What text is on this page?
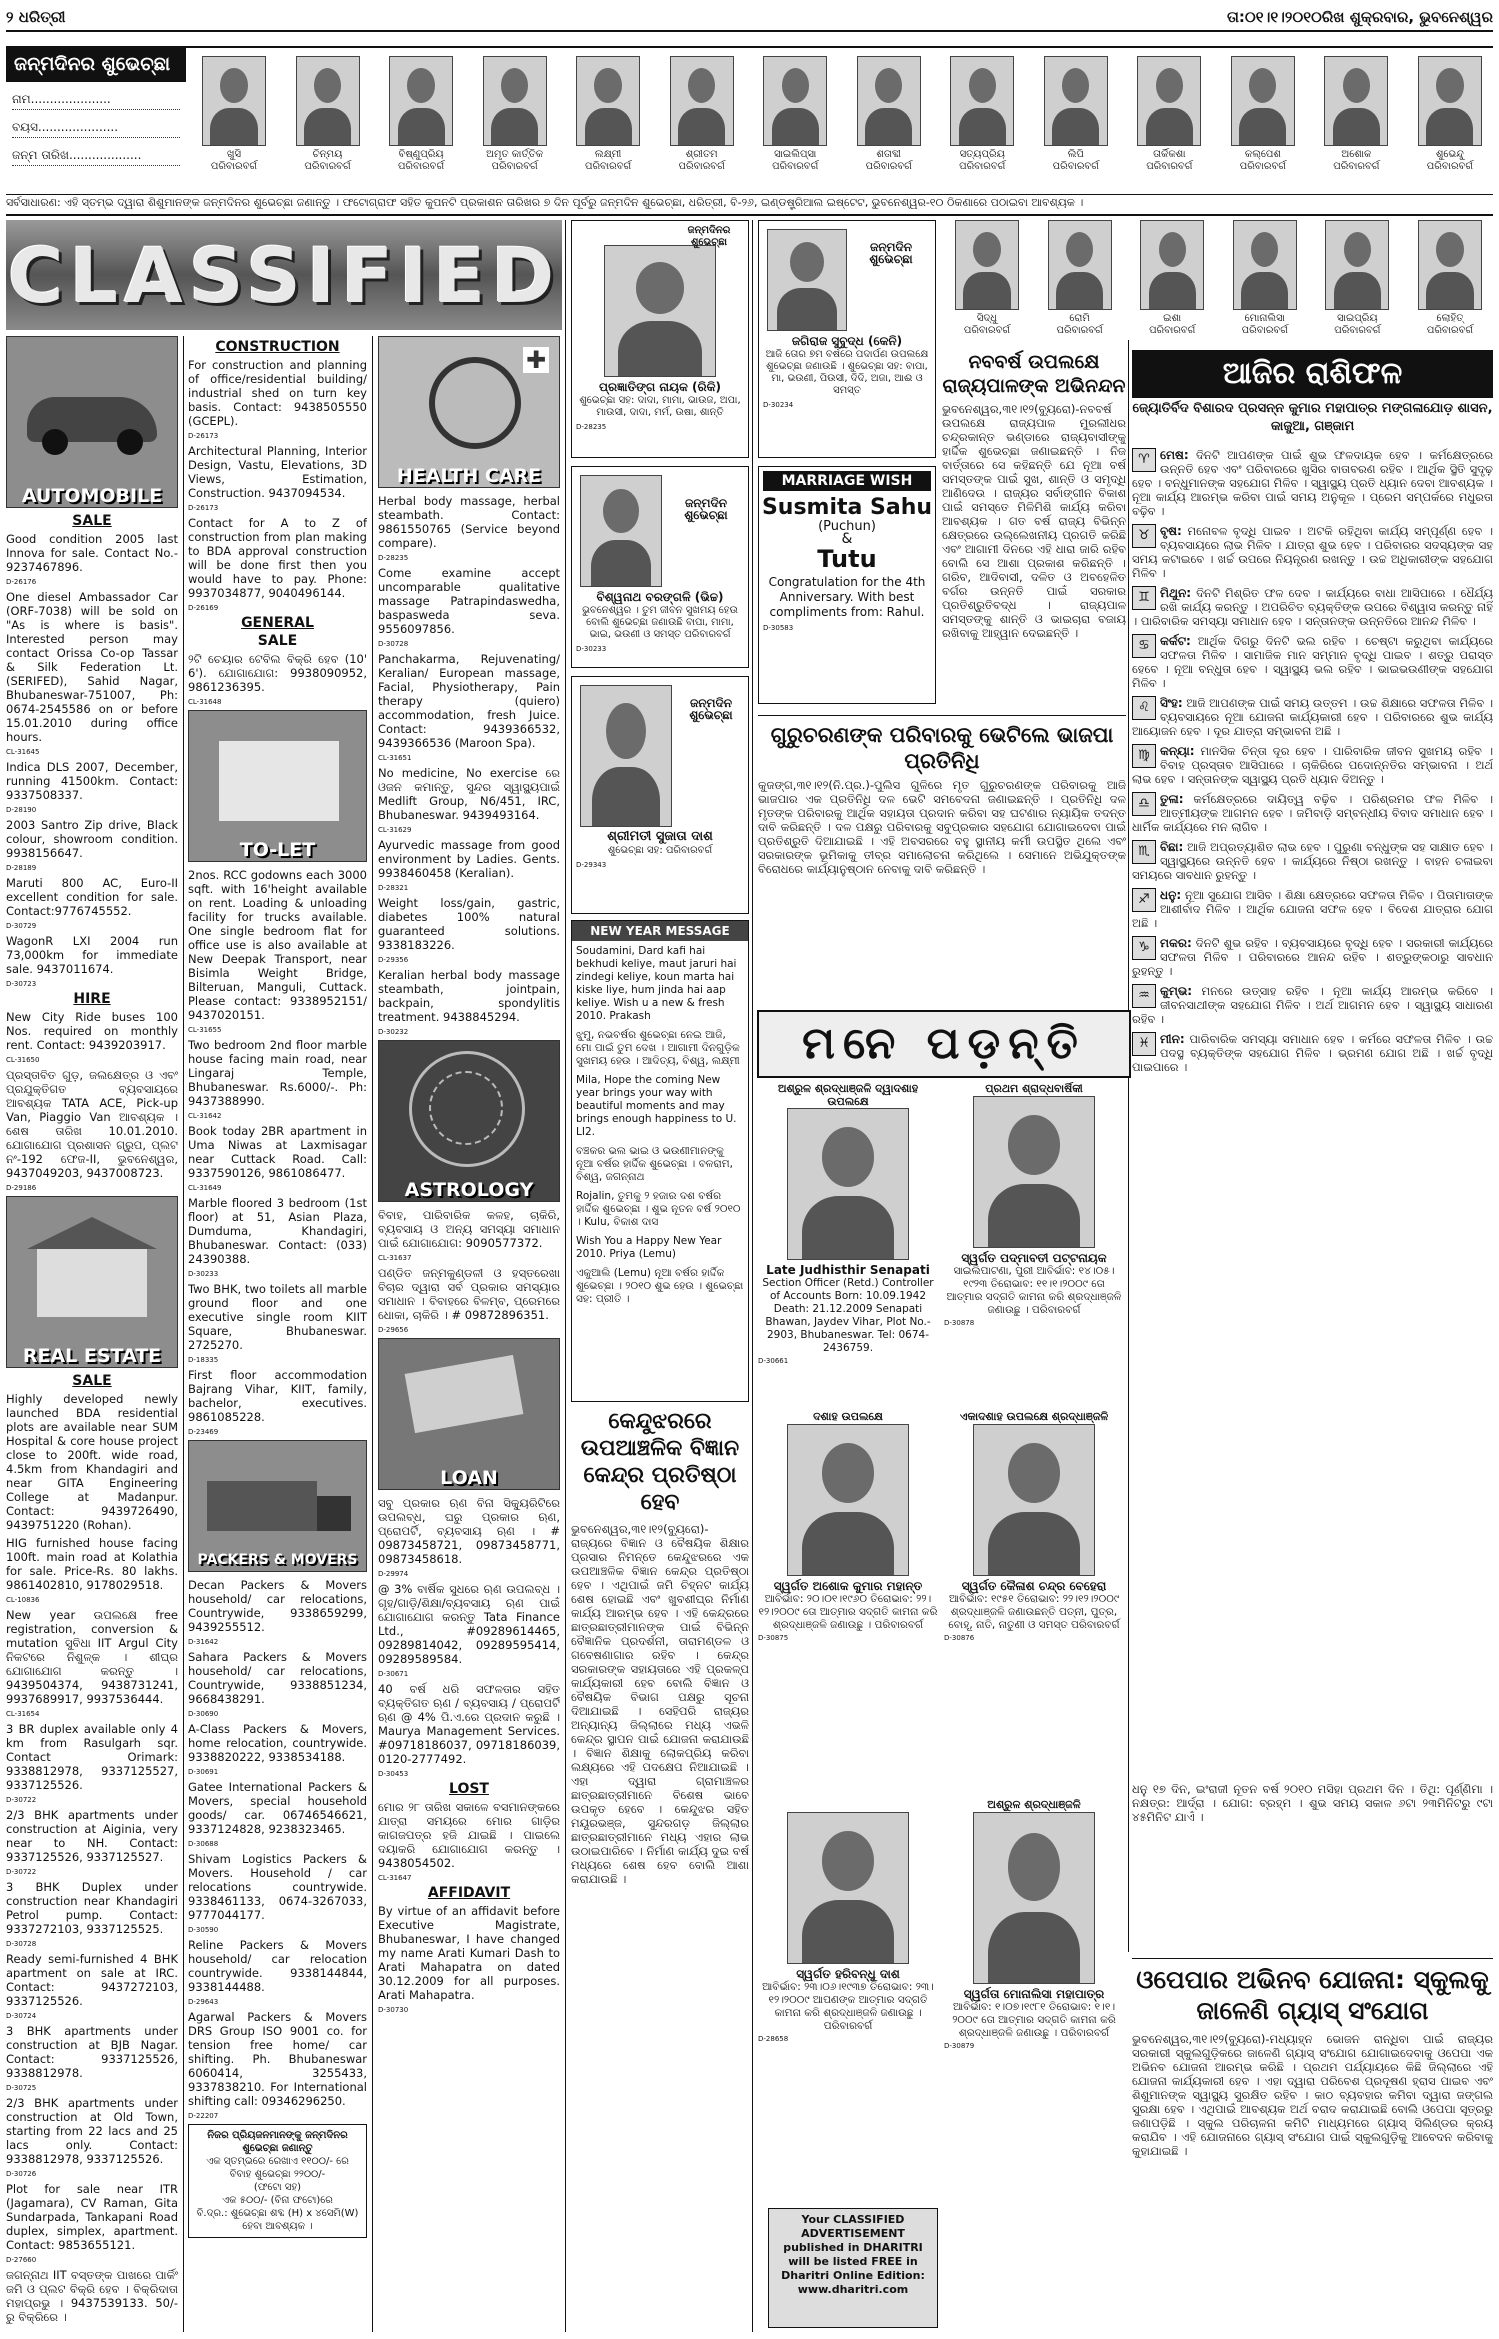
୨ ଧରିତ୍ରୀ	ତା:୦୧।୧।୨୦୧୦ରିଖ ଶୁକ୍ରବାର, ଭୁବନେଶ୍ୱର
ଜନ୍ମଦିନର ଶୁଭେଚ୍ଛା
ନାମ.....................
ବୟସ.....................
ଜନ୍ମ ତାରିଖ...................	ଖୁସି
ପରିବାରବର୍ଗ
ଚିନ୍ମୟ
ପରିବାରବର୍ଗ
ବିଷ୍ଣୁପ୍ରିୟ
ପରିବାରବର୍ଗ
ଅମୃତ କାର୍ତ୍ତିକ
ପରିବାରବର୍ଗ
ଲକ୍ଷ୍ମୀ
ପରିବାରବର୍ଗ
ଶ୍ରୀତମ
ପରିବାରବର୍ଗ
ସାଇଲିପ୍ସା
ପରିବାରବର୍ଗ
ଶତାବ୍ଦୀ
ପରିବାରବର୍ଗ
ସତ୍ୟପ୍ରିୟ
ପରିବାରବର୍ଗ
ଲିପି
ପରିବାରବର୍ଗ
ତାର୍କିକଶା
ପରିବାରବର୍ଗ
କଲ୍ପେଶ
ପରିବାରବର୍ଗ
ଅଶୋକ
ପରିବାରବର୍ଗ
ଶୁଭେନ୍ଦୁ
ପରିବାରବର୍ଗ
ସର୍ବସାଧାରଣ: ଏହି ସ୍ତମ୍ଭ ଦ୍ୱାରା ଶିଶୁମାନଙ୍କ ଜନ୍ମଦିନର ଶୁଭେଚ୍ଛା ଜଣାନ୍ତୁ । ଫଟୋଗ୍ରାଫ ସହିତ କୁପନଟି ପ୍ରକାଶନ ତାରିଖର ୭ ଦିନ ପୂର୍ବରୁ ଜନ୍ମଦିନ ଶୁଭେଚ୍ଛା, ଧରିତ୍ରୀ, ବି-୨୬, ଇଣ୍ଡଷ୍ଟ୍ରିଆଲ ଇଷ୍ଟେଟ, ଭୁବନେଶ୍ୱର-୧୦ ଠିକଣାରେ ପଠାଇବା ଆବଶ୍ୟକ ।
CLASSIFIED	ସିଦ୍ଧୁ
ପରିବାରବର୍ଗ
ରୋମି
ପରିବାରବର୍ଗ
ଇଶା
ପରିବାରବର୍ଗ
ମୋନାଲିସା
ପରିବାରବର୍ଗ
ସାଇପ୍ରିୟ
ପରିବାରବର୍ଗ
ଲୋହିତ୍
ପରିବାରବର୍ଗ
AUTOMOBILE
SALE

Good condition 2005 last Innova for sale. Contact No.- 9237467896.

D-26176

One diesel Ambassador Car (ORF-7038) will be sold on "As is where is basis". Interested person may contact Orissa Co-op Tassar & Silk Federation Lt. (SERIFED), Sahid Nagar, Bhubaneswar-751007, Ph: 0674-2545586 on or before 15.01.2010 during office hours.

CL-31645

Indica DLS 2007, December, running 41500km. Contact: 9337508337.

D-28190

2003 Santro Zip drive, Black colour, showroom condition. 9938156647.

D-28189

Maruti 800 AC, Euro-II excellent condition for sale. Contact:9776745552.

D-30729

WagonR LXI 2004 run 73,000km for immediate sale. 9437011674.

D-30723
HIRE

New City Ride buses 100 Nos. required on monthly rent. Contact: 9439203917.

CL-31650

ପ୍ରସ୍ତାବିତ ଗୁଡ଼, ଜଲକ୍ଷେତ୍ର ଓ ଏବଂ ପ୍ରଯୁକ୍ତିଗତ ବ୍ୟବସାୟରେ ଆବଶ୍ୟକ TATA ACE, Pick-up Van, Piaggio Van ଆବଶ୍ୟକ । ଶେଷ ତାରିଖ 10.01.2010. ଯୋଗାଯୋଗ ପ୍ରଶାସନ ଗ୍ରୁପ, ପ୍ଲଟ ନଂ-192 ଫେଜ-II, ଭୁବନେଶ୍ୱର, 9437049203, 9437008723.

D-29186
REAL ESTATE
SALE

Highly developed newly launched BDA residential plots are available near SUM Hospital & core house project close to 200ft. wide road, 4.5km from Khandagiri and near GITA Engineering College at Madanpur. Contact: 9439726490, 9439751220 (Rohan).

HIG furnished house facing 100ft. main road at Kolathia for sale. Price-Rs. 80 lakhs. 9861402810, 9178029518.

CL-10836

New year ଉପଲକ୍ଷେ free registration, conversion & mutation ସୁବିଧା IIT Argul City ନିକଟରେ ନିଶୁଳ୍କ । ଶୀଘ୍ର ଯୋଗାଯୋଗ କରନ୍ତୁ । 9439504374, 9438731241, 9937689917, 9937536444.

CL-31654

3 BR duplex available only 4 km from Rasulgarh sqr. Contact Orimark: 9338812978, 9337125527, 9337125526.

D-30722

2/3 BHK apartments under construction at Aiginia, very near to NH. Contact: 9337125526, 9337125527.

D-30722

3 BHK Duplex under construction near Khandagiri Petrol pump. Contact: 9337272103, 9337125525.

D-30728

Ready semi-furnished 4 BHK apartment on sale at IRC. Contact: 9437272103, 9337125526.

D-30724

3 BHK apartments under construction at BJB Nagar. Contact: 9337125526, 9338812978.

D-30725

2/3 BHK apartments under construction at Old Town, starting from 22 lacs and 25 lacs only. Contact: 9338812978, 9337125526.

D-30726

Plot for sale near ITR (Jagamara), CV Raman, Gita Sundarpada, Tankapani Road duplex, simplex, apartment. Contact: 9853655121.

D-27660

ଜଗନ୍ନାଥ IIT ବସ୍ତଙ୍କ ପାଖରେ ପାର୍କିଂ ଜମି ଓ ପ୍ଲଟ ବିକ୍ରି ହେବ । ବିକ୍ରିଦାତା ମହାପ୍ରଭୁ । 9437539133. 50/- ରୁ ବିକ୍ରିରେ ।

CONSTRUCTION

For construction and planning of office/residential building/ industrial shed on turn key basis. Contact: 9438505550 (GCEPL).

D-26173

Architectural Planning, Interior Design, Vastu, Elevations, 3D Views, Estimation, Construction. 9437094534.

D-26173

Contact for A to Z of construction from plan making to BDA approval construction will be done first then you would have to pay. Phone: 9937034877, 9040496144.

D-26169
GENERAL
SALE

୨ଟି ଚେୟାର ଟେବିଲ ବିକ୍ରି ହେବ (10' 6'). ଯୋଗାଯୋଗ: 9938090952, 9861236395.

CL-31648
TO-LET

2nos. RCC godowns each 3000 sqft. with 16'height available on rent. Loading & unloading facility for trucks available. One single bedroom flat for office use is also available at New Deepak Transport, near Bisimla Weight Bridge, Bilteruan, Manguli, Cuttack. Please contact: 9338952151/ 9437020151.

CL-31655

Two bedroom 2nd floor marble house facing main road, near Lingaraj Temple, Bhubaneswar. Rs.6000/-. Ph: 9437388990.

CL-31642

Book today 2BR apartment in Uma Niwas at Laxmisagar near Cuttack Road. Call: 9337590126, 9861086477.

CL-31649

Marble floored 3 bedroom (1st floor) at 51, Asian Plaza, Dumduma, Khandagiri, Bhubaneswar. Contact: (033) 24390388.

D-30233

Two BHK, two toilets all marble ground floor and one executive single room KIIT Square, Bhubaneswar. 2725270.

D-18335

First floor accommodation Bajrang Vihar, KIIT, family, bachelor, executives. 9861085228.

D-23469
PACKERS & MOVERS

Decan Packers & Movers household/ car relocations, Countrywide, 9338659299, 9439255512.

D-31642

Sahara Packers & Movers household/ car relocations, Countrywide, 9338851234, 9668438291.

D-30690

A-Class Packers & Movers, home relocation, countrywide. 9338820222, 9338534188.

D-30691

Gatee International Packers & Movers, special household goods/ car. 06746546621, 9337124828, 9238323465.

D-30688

Shivam Logistics Packers & Movers. Household / car relocations countrywide. 9338461133, 0674-3267033, 9777044177.

D-30590

Reline Packers & Movers household/ car relocation countrywide. 9338144844, 9338144488.

D-29643

Agarwal Packers & Movers DRS Group ISO 9001 co. for tension free home/ car shifting. Ph. Bhubaneswar 6060414, 3255433, 9337838210. For International shifting call: 09346296250.

D-22207
ନିଜର ପ୍ରିୟଜନମାନଙ୍କୁ ଜନ୍ମଦିନର ଶୁଭେଚ୍ଛା ଜଣାନ୍ତୁ
ଏକ ସ୍ତମ୍ଭରେ ରେଖାଏ ୧୧୦୦/- ରେ
ବିବାହ ଶୁଭେଚ୍ଛା ୨୨୦୦/-
(ଫଟୋ ସହ)
ଏକ ୫୦୦/- (ବିନା ଫଟୋ)ରେ
ବି.ଦ୍ର.: ଶୁଭେଚ୍ଛା ଶବ୍ଦ (H) x ୪ସେମି(W) ହେବା ଆବଶ୍ୟକ ।
✚
HEALTH CARE

Herbal body massage, herbal steambath. Contact: 9861550765 (Service beyond compare).

D-28235

Come examine accept uncomparable qualitative massage Patrapindaswedha, baspasweda seva. 9556097856.

D-30728

Panchakarma, Rejuvenating/ Keralian/ European massage, Facial, Physiotherapy, Pain therapy (quiero) accommodation, fresh Juice. Contact: 9439366532, 9439366536 (Maroon Spa).

CL-31651

No medicine, No exercise ରେ ଓଜନ କମାନ୍ତୁ, ସୁନ୍ଦର ସ୍ୱାସ୍ଥ୍ୟପାଇଁ Medlift Group, N6/451, IRC, Bhubaneswar. 9439493164.

CL-31629

Ayurvedic massage from good environment by Ladies. Gents. 9938460458 (Keralian).

D-28321

Weight loss/gain, gastric, diabetes 100% natural guaranteed solutions. 9338183226.

D-29356

Keralian herbal body massage steambath, jointpain, backpain, spondylitis treatment. 9438845294.

D-30232
ASTROLOGY

ବିବାହ, ପାରିବାରିକ କଳହ, ଚାକିରି, ବ୍ୟବସାୟ ଓ ଅନ୍ୟ ସମସ୍ୟା ସମାଧାନ ପାଇଁ ଯୋଗାଯୋଗ: 9090577372.

CL-31637

ପଣ୍ଡିତ ଜନ୍ମକୁଣ୍ଡଳୀ ଓ ହସ୍ତରେଖା ବିଚାର ଦ୍ୱାରା ସର୍ବ ପ୍ରକାର ସମସ୍ୟାର ସମାଧାନ । ବିବାହରେ ବିଳମ୍ବ, ପ୍ରେମରେ ଧୋକା, ଚାକିରି । # 09872896351.

D-29656
LOAN

ସବୁ ପ୍ରକାର ଋଣ ବିନା ସିକ୍ୟୁରିଟିରେ ଉପଲବ୍ଧ, ଘରୁ ପ୍ରକାର ଋଣ, ପ୍ରୋପର୍ଟି, ବ୍ୟବସାୟ ଋଣ । # 09873458721, 09873458771, 09873458618.

D-29974

@ 3% ବାର୍ଷିକ ସୁଧରେ ଋଣ ଉପଲବ୍ଧ । ଗୃହ/ଗାଡ଼ି/ଶିକ୍ଷା/ବ୍ୟବସାୟ ଋଣ ପାଇଁ ଯୋଗାଯୋଗ କରନ୍ତୁ Tata Finance Ltd., #09289614465, 09289814042, 09289595414, 09289589584.

D-30671

40 ବର୍ଷ ଧରି ସଫଳତାର ସହିତ ବ୍ୟକ୍ତିଗତ ଋଣ / ବ୍ୟବସାୟ / ପ୍ରୋପର୍ଟି ଋଣ @ 4% ପି.ଏ.ରେ ପ୍ରଦାନ କରୁଛି । Maurya Management Services. #09718186037, 09718186039, 0120-2777492.

D-30453
LOST

ମୋର ୨୮ ତାରିଖ ସକାଳେ ବସମାନଙ୍କରେ ଯାତ୍ରା ସମୟରେ ମୋର ଗାଡ଼ିର କାଗଜପତ୍ର ହଜି ଯାଇଛି । ପାଇଲେ ଦୟାକରି ଯୋଗାଯୋଗ କରନ୍ତୁ । 9438054502.

CL-31647
AFFIDAVIT

By virtue of an affidavit before Executive Magistrate, Bhubaneswar, I have changed my name Arati Kumari Dash to Arati Mahapatra on dated 30.12.2009 for all purposes. Arati Mahapatra.

D-30730
ଜନ୍ମଦିନର ଶୁଭେଚ୍ଛା
ପ୍ରଜ୍ଞାତିଙ୍ଗ ନାୟକ (ରିକି)
ଶୁଭେଚ୍ଛା ସହ: ଦାଦା, ମାମା, ଭାଉଜ, ଅପା, ମାଉସୀ, ଦାଦା, ମର୍ମ, ଉଷା, ଶାନ୍ତି
D-28235
ଜନ୍ମଦିନ ଶୁଭେଚ୍ଛା
ବିଶ୍ୱନାଥ ବରଙ୍ଗଳି (ଭିଚ୍ଚ)
ଭୁବନେଶ୍ୱର । ତୁମ ଜୀବନ ସୁଖମୟ ହେଉ ବୋଲି ଶୁଭେଚ୍ଛା ଜଣାଉଛି ବାପା, ମାମା, ଭାଇ, ଭଉଣୀ ଓ ସମସ୍ତ ପରିବାରବର୍ଗ
D-30233
ଜନ୍ମଦିନ ଶୁଭେଚ୍ଛା
ଶ୍ରୀମତୀ ସୁଜାତା ଦାଶ
ଶୁଭେଚ୍ଛା ସହ: ପରିବାରବର୍ଗ
D-29343
NEW YEAR MESSAGE
Soudamini, Dard kafi hai bekhudi keliye, maut jaruri hai zindegi keliye, koun marta hai kiske liye, hum jinda hai aap keliye. Wish u a new & fresh 2010. Prakash
ଝୁମୁ, ନଭବର୍ଷର ଶୁଭେଚ୍ଛା ନେଇ ଆଜି, ମୋ ପାଇଁ ତୁମ ଦେଖ । ଆଗାମୀ ଦିନଗୁଡ଼ିକ ସୁଖମୟ ହେଉ । ଆଦିତ୍ୟ, ବିଶ୍ୱ, ଲକ୍ଷ୍ମୀ
Mila, Hope the coming New year brings your way with beautiful moments and may brings enough happiness to U. LI2.
ବଞ୍ଚକର ଭଲ ଭାଇ ଓ ଭଉଣୀମାନଙ୍କୁ ନୂଆ ବର୍ଷର ହାର୍ଦ୍ଦିକ ଶୁଭେଚ୍ଛା । ବଳରାମ, ବିଶ୍ୱ, ଜଗନ୍ନାଥ
Rojalin, ତୁମକୁ ୨ ହଜାର ଦଶ ବର୍ଷର ହାର୍ଦ୍ଦିକ ଶୁଭେଚ୍ଛା । ଶୁଭ ନୂତନ ବର୍ଷ ୨୦୧୦ । Kulu, ବିକାଶ ଦାସ
Wish You a Happy New Year 2010. Priya (Lemu)
ଏକୁଆଲି (Lemu) ନୂଆ ବର୍ଷର ହାର୍ଦ୍ଦିକ ଶୁଭେଚ୍ଛା । ୨୦୧୦ ଶୁଭ ହେଉ । ଶୁଭେଚ୍ଛା ସହ: ପ୍ରୀତି ।
କେନ୍ଦୁଝରରେ ଉପଆଞ୍ଚଳିକ ବିଜ୍ଞାନ କେନ୍ଦ୍ର ପ୍ରତିଷ୍ଠା ହେବ
ଭୁବନେଶ୍ୱର,୩୧।୧୨(ବ୍ୟୁରୋ)-ରାଜ୍ୟରେ ବିଜ୍ଞାନ ଓ ବୈଷୟିକ ଶିକ୍ଷାର ପ୍ରସାର ନିମନ୍ତେ କେନ୍ଦୁଝରରେ ଏକ ଉପଆଞ୍ଚଳିକ ବିଜ୍ଞାନ କେନ୍ଦ୍ର ପ୍ରତିଷ୍ଠା ହେବ । ଏଥିପାଇଁ ଜମି ଚିହ୍ନଟ କାର୍ଯ୍ୟ ଶେଷ ହୋଇଛି ଏବଂ ଖୁବଶୀଘ୍ର ନିର୍ମାଣ କାର୍ଯ୍ୟ ଆରମ୍ଭ ହେବ । ଏହି କେନ୍ଦ୍ରରେ ଛାତ୍ରଛାତ୍ରୀମାନଙ୍କ ପାଇଁ ବିଭିନ୍ନ ବୈଜ୍ଞାନିକ ପ୍ରଦର୍ଶନୀ, ତାରାମଣ୍ଡଳ ଓ ଗବେଷଣାଗାର ରହିବ । କେନ୍ଦ୍ର ସରକାରଙ୍କ ସହାୟତାରେ ଏହି ପ୍ରକଳ୍ପ କାର୍ଯ୍ୟକାରୀ ହେବ ବୋଲି ବିଜ୍ଞାନ ଓ ବୈଷୟିକ ବିଭାଗ ପକ୍ଷରୁ ସୂଚନା ଦିଆଯାଇଛି । ସେହିପରି ରାଜ୍ୟର ଅନ୍ୟାନ୍ୟ ଜିଲ୍ଲାରେ ମଧ୍ୟ ଏଭଳି କେନ୍ଦ୍ର ସ୍ଥାପନ ପାଇଁ ଯୋଜନା କରାଯାଉଛି । ବିଜ୍ଞାନ ଶିକ୍ଷାକୁ ଲୋକପ୍ରିୟ କରିବା ଲକ୍ଷ୍ୟରେ ଏହି ପଦକ୍ଷେପ ନିଆଯାଇଛି । ଏହା ଦ୍ୱାରା ଗ୍ରାମାଞ୍ଚଳର ଛାତ୍ରଛାତ୍ରୀମାନେ ବିଶେଷ ଭାବେ ଉପକୃତ ହେବେ । କେନ୍ଦୁଝର ସହିତ ମୟୂରଭଞ୍ଜ, ସୁନ୍ଦରଗଡ଼ ଜିଲ୍ଲାର ଛାତ୍ରଛାତ୍ରୀମାନେ ମଧ୍ୟ ଏହାର ଲାଭ ଉଠାଇପାରିବେ । ନିର୍ମାଣ କାର୍ଯ୍ୟ ଦୁଇ ବର୍ଷ ମଧ୍ୟରେ ଶେଷ ହେବ ବୋଲି ଆଶା କରାଯାଉଛି ।
ଜନ୍ମଦିନ ଶୁଭେଚ୍ଛା
ଜଗିରାଜ ସୁବୁଦ୍ଧ (କେନି)
ଆଜି ତୋର ୭ମ ବର୍ଷରେ ପଦାର୍ପଣ ଉପଲକ୍ଷେ ଶୁଭେଚ୍ଛା ଜଣାଉଛି । ଶୁଭେଚ୍ଛା ସହ: ବାପା, ମା, ଭଉଣୀ, ପିଉସୀ, ଦିଦି, ଅଜା, ଆଈ ଓ ସମସ୍ତ
D-30234
MARRIAGE WISH
Susmita Sahu
(Puchun)
&
Tutu
Congratulation for the 4th Anniversary. With best compliments from: Rahul.
D-30583
ନବବର୍ଷ ଉପଲକ୍ଷେ ରାଜ୍ୟପାଳଙ୍କ ଅଭିନନ୍ଦନ
ଭୁବନେଶ୍ୱର,୩୧।୧୨(ବ୍ୟୁରୋ)-ନବବର୍ଷ ଉପଲକ୍ଷେ ରାଜ୍ୟପାଳ ମୁରଲୀଧର ଚନ୍ଦ୍ରକାନ୍ତ ଭଣ୍ଡାରେ ରାଜ୍ୟବାସୀଙ୍କୁ ହାର୍ଦ୍ଦିକ ଶୁଭେଚ୍ଛା ଜଣାଇଛନ୍ତି । ନିଜ ବାର୍ତ୍ତାରେ ସେ କହିଛନ୍ତି ଯେ ନୂଆ ବର୍ଷ ସମସ୍ତଙ୍କ ପାଇଁ ସୁଖ, ଶାନ୍ତି ଓ ସମୃଦ୍ଧି ଆଣିଦେଉ । ରାଜ୍ୟର ସର୍ବାଙ୍ଗୀନ ବିକାଶ ପାଇଁ ସମସ୍ତେ ମିଳିମିଶି କାର୍ଯ୍ୟ କରିବା ଆବଶ୍ୟକ । ଗତ ବର୍ଷ ରାଜ୍ୟ ବିଭିନ୍ନ କ୍ଷେତ୍ରରେ ଉଲ୍ଲେଖନୀୟ ପ୍ରଗତି କରିଛି ଏବଂ ଆଗାମୀ ଦିନରେ ଏହି ଧାରା ଜାରି ରହିବ ବୋଲି ସେ ଆଶା ପ୍ରକାଶ କରିଛନ୍ତି । ଗରିବ, ଆଦିବାସୀ, ଦଳିତ ଓ ଅବହେଳିତ ବର୍ଗର ଉନ୍ନତି ପାଇଁ ସରକାର ପ୍ରତିଶ୍ରୁତିବଦ୍ଧ । ରାଜ୍ୟପାଳ ସମସ୍ତଙ୍କୁ ଶାନ୍ତି ଓ ଭାଇଚାରା ବଜାୟ ରଖିବାକୁ ଆହ୍ୱାନ ଦେଇଛନ୍ତି ।
ଗୁରୁଚରଣଙ୍କ ପରିବାରକୁ ଭେଟିଲେ ଭାଜପା ପ୍ରତିନିଧି
କୁଜଙ୍ଗ,୩୧।୧୨(ନି.ପ୍ର.)-ପୁଲିସ ଗୁଳିରେ ମୃତ ଗୁରୁଚରଣଙ୍କ ପରିବାରକୁ ଆଜି ଭାଜପାର ଏକ ପ୍ରତିନିଧି ଦଳ ଭେଟି ସମବେଦନା ଜଣାଇଛନ୍ତି । ପ୍ରତିନିଧି ଦଳ ମୃତଙ୍କ ପରିବାରକୁ ଆର୍ଥିକ ସହାୟତା ପ୍ରଦାନ କରିବା ସହ ଘଟଣାର ନ୍ୟାୟିକ ତଦନ୍ତ ଦାବି କରିଛନ୍ତି । ଦଳ ପକ୍ଷରୁ ପରିବାରକୁ ସବୁପ୍ରକାର ସହଯୋଗ ଯୋଗାଇଦେବା ପାଇଁ ପ୍ରତିଶ୍ରୁତି ଦିଆଯାଇଛି । ଏହି ଅବସରରେ ବହୁ ସ୍ଥାନୀୟ କର୍ମୀ ଉପସ୍ଥିତ ଥିଲେ ଏବଂ ସରକାରଙ୍କ ଭୂମିକାକୁ ତୀବ୍ର ସମାଲୋଚନା କରିଥିଲେ । ସେମାନେ ଅଭିଯୁକ୍ତଙ୍କ ବିରୋଧରେ କାର୍ଯ୍ୟାନୁଷ୍ଠାନ ନେବାକୁ ଦାବି କରିଛନ୍ତି ।
ମନେ ପଡ଼ନ୍ତି
ଅଶ୍ରୁଳ ଶ୍ରଦ୍ଧାଞ୍ଜଳି ଦ୍ୱାଦଶାହ ଉପଲକ୍ଷେ
Late Judhisthir Senapati
Section Officer (Retd.) Controller of Accounts Born: 10.09.1942 Death: 21.12.2009 Senapati Bhawan, Jaydev Vihar, Plot No.- 2903, Bhubaneswar. Tel: 0674-2436759.
D-30661
ପ୍ରଥମ ଶ୍ରାଦ୍ଧବାର୍ଷିକୀ
ସ୍ୱର୍ଗତ ପଦ୍ମାବତୀ ପଟ୍ଟନାୟକ
ସାଇଲିପାଟଣା, ପୁରୀ ଆବିର୍ଭାବ: ୧୪।୦୫।୧୯୨୩ ତିରୋଭାବ: ୧୧।୧।୨୦୦୯ ତୋ ଆତ୍ମାର ସଦ୍ଗତି କାମନା କରି ଶ୍ରଦ୍ଧାଞ୍ଜଳି ଜଣାଉଛୁ । ପରିବାରବର୍ଗ
D-30878
ଦଶାହ ଉପଲକ୍ଷେ
ସ୍ୱର୍ଗତ ଅଶୋକ କୁମାର ମହାନ୍ତ
ଆବିର୍ଭାବ: ୨୦।୦୧।୧୯୬୦ ତିରୋଭାବ: ୨୨।୧୨।୨୦୦୯ ତୋ ଆତ୍ମାର ସଦ୍ଗତି କାମନା କରି ଶ୍ରଦ୍ଧାଞ୍ଜଳି ଜଣାଉଛୁ । ପରିବାରବର୍ଗ
D-30875
ଏକାଦଶାହ ଉପଲକ୍ଷେ ଶ୍ରଦ୍ଧାଞ୍ଜଳି
ସ୍ୱର୍ଗତ କୈଳାଶ ଚନ୍ଦ୍ର ବେହେରା
ଆବିର୍ଭାବ: ୧୯୫୧ ତିରୋଭାବ: ୨୨।୧୨।୨୦୦୯ ଶ୍ରଦ୍ଧାଞ୍ଜଳି ଜଣାଉଛନ୍ତି ପତ୍ନୀ, ପୁତ୍ର, ବୋହୂ, ନାତି, ନାତୁଣୀ ଓ ସମସ୍ତ ପରିବାରବର୍ଗ
D-30876
ସ୍ୱର୍ଗତ ହରିବନ୍ଧୁ ଦାଶ
ଆବିର୍ଭାବ: ୨୩।୦୬।୧୯୩୭ ତିରୋଭାବ: ୨୩।୧୨।୨୦୦୯ ଆପଣଙ୍କ ଆତ୍ମାର ସଦ୍ଗତି କାମନା କରି ଶ୍ରଦ୍ଧାଞ୍ଜଳି ଜଣାଉଛୁ । ପରିବାରବର୍ଗ
D-28658
ଅଶ୍ରୁଳ ଶ୍ରଦ୍ଧାଞ୍ଜଳି
ସ୍ୱର୍ଗତା ମୋନାଲିସା ମହାପାତ୍ର
ଆବିର୍ଭାବ: ୧।୦୭।୧୯୮୧ ତିରୋଭାବ: ୧।୧।୨୦୦୯ ତୋ ଆତ୍ମାର ସଦ୍ଗତି କାମନା କରି ଶ୍ରଦ୍ଧାଞ୍ଜଳି ଜଣାଉଛୁ । ପରିବାରବର୍ଗ
D-30879
Your CLASSIFIED ADVERTISEMENT published in DHARITRI will be listed FREE in Dharitri Online Edition: www.dharitri.com
ଆଜିର ରାଶିଫଳ
ଜ୍ୟୋତିର୍ବିଦ ବିଶାରଦ ପ୍ରସନ୍ନ କୁମାର ମହାପାତ୍ର ମଙ୍ଗଳାଯୋଡ଼ ଶାସନ, କାଜୁଆ, ଗଞ୍ଜାମ
♈ ମେଷ: ଦିନଟି ଆପଣଙ୍କ ପାଇଁ ଶୁଭ ଫଳଦାୟକ ହେବ । କର୍ମକ୍ଷେତ୍ରରେ ଉନ୍ନତି ହେବ ଏବଂ ପରିବାରରେ ଖୁସିର ବାତାବରଣ ରହିବ । ଆର୍ଥିକ ସ୍ଥିତି ସୁଦୃଢ଼ ହେବ । ବନ୍ଧୁମାନଙ୍କ ସହଯୋଗ ମିଳିବ । ସ୍ୱାସ୍ଥ୍ୟ ପ୍ରତି ଧ୍ୟାନ ଦେବା ଆବଶ୍ୟକ । ନୂଆ କାର୍ଯ୍ୟ ଆରମ୍ଭ କରିବା ପାଇଁ ସମୟ ଅନୁକୂଳ । ପ୍ରେମ ସମ୍ପର୍କରେ ମଧୁରତା ବଢ଼ିବ ।
♉ ବୃଷ: ମନୋବଳ ବୃଦ୍ଧି ପାଇବ । ଅଟକି ରହିଥିବା କାର୍ଯ୍ୟ ସମ୍ପୂର୍ଣ୍ଣ ହେବ । ବ୍ୟବସାୟରେ ଲାଭ ମିଳିବ । ଯାତ୍ରା ଶୁଭ ହେବ । ପରିବାରର ସଦସ୍ୟଙ୍କ ସହ ସମୟ କଟାଇବେ । ଖର୍ଚ୍ଚ ଉପରେ ନିୟନ୍ତ୍ରଣ ରଖନ୍ତୁ । ଉଚ୍ଚ ଅଧିକାରୀଙ୍କ ସହଯୋଗ ମିଳିବ ।
♊ ମିଥୁନ: ଦିନଟି ମିଶ୍ରିତ ଫଳ ଦେବ । କାର୍ଯ୍ୟରେ ବାଧା ଆସିପାରେ । ଧୈର୍ଯ୍ୟ ରଖି କାର୍ଯ୍ୟ କରନ୍ତୁ । ଅପରିଚିତ ବ୍ୟକ୍ତିଙ୍କ ଉପରେ ବିଶ୍ୱାସ କରନ୍ତୁ ନାହିଁ । ପାରିବାରିକ ସମସ୍ୟା ସମାଧାନ ହେବ । ସନ୍ତାନଙ୍କ ଉନ୍ନତିରେ ଆନନ୍ଦ ମିଳିବ ।
♋ କର୍କଟ: ଆର୍ଥିକ ଦିଗରୁ ଦିନଟି ଭଲ ରହିବ । ଚେଷ୍ଟା କରୁଥିବା କାର୍ଯ୍ୟରେ ସଫଳତା ମିଳିବ । ସାମାଜିକ ମାନ ସମ୍ମାନ ବୃଦ୍ଧି ପାଇବ । ଶତ୍ରୁ ପରାସ୍ତ ହେବେ । ନୂଆ ବନ୍ଧୁତା ହେବ । ସ୍ୱାସ୍ଥ୍ୟ ଭଲ ରହିବ । ଭାଇଭଉଣୀଙ୍କ ସହଯୋଗ ମିଳିବ ।
♌ ସିଂହ: ଆଜି ଆପଣଙ୍କ ପାଇଁ ସମୟ ଉତ୍ତମ । ଉଚ୍ଚ ଶିକ୍ଷାରେ ସଫଳତା ମିଳିବ । ବ୍ୟବସାୟରେ ନୂଆ ଯୋଜନା କାର୍ଯ୍ୟକାରୀ ହେବ । ପରିବାରରେ ଶୁଭ କାର୍ଯ୍ୟ ଆୟୋଜନ ହେବ । ଦୂର ଯାତ୍ରା ସମ୍ଭାବନା ଅଛି ।
♍ କନ୍ୟା: ମାନସିକ ଚିନ୍ତା ଦୂର ହେବ । ପାରିବାରିକ ଜୀବନ ସୁଖମୟ ରହିବ । ବିବାହ ପ୍ରସ୍ତାବ ଆସିପାରେ । ଚାକିରିରେ ପଦୋନ୍ନତିର ସମ୍ଭାବନା । ଅର୍ଥ ଲାଭ ହେବ । ସନ୍ତାନଙ୍କ ସ୍ୱାସ୍ଥ୍ୟ ପ୍ରତି ଧ୍ୟାନ ଦିଅନ୍ତୁ ।
♎ ତୁଳା: କର୍ମକ୍ଷେତ୍ରରେ ଦାୟିତ୍ୱ ବଢ଼ିବ । ପରିଶ୍ରମର ଫଳ ମିଳିବ । ଆତ୍ମୀୟଙ୍କ ଆଗମନ ହେବ । ଜମିବାଡ଼ି ସମ୍ବନ୍ଧୀୟ ବିବାଦ ସମାଧାନ ହେବ । ଧାର୍ମିକ କାର୍ଯ୍ୟରେ ମନ ଲାଗିବ ।
♏ ବିଛା: ଆଜି ଅପ୍ରତ୍ୟାଶିତ ଲାଭ ହେବ । ପୁରୁଣା ବନ୍ଧୁଙ୍କ ସହ ସାକ୍ଷାତ ହେବ । ସ୍ୱାସ୍ଥ୍ୟରେ ଉନ୍ନତି ହେବ । କାର୍ଯ୍ୟରେ ନିଷ୍ଠା ରଖନ୍ତୁ । ବାହନ ଚଳାଇବା ସମୟରେ ସାବଧାନ ରୁହନ୍ତୁ ।
♐ ଧନୁ: ନୂଆ ସୁଯୋଗ ଆସିବ । ଶିକ୍ଷା କ୍ଷେତ୍ରରେ ସଫଳତା ମିଳିବ । ପିତାମାତାଙ୍କ ଆଶୀର୍ବାଦ ମିଳିବ । ଆର୍ଥିକ ଯୋଜନା ସଫଳ ହେବ । ବିଦେଶ ଯାତ୍ରାର ଯୋଗ ଅଛି ।
♑ ମକର: ଦିନଟି ଶୁଭ ରହିବ । ବ୍ୟବସାୟରେ ବୃଦ୍ଧି ହେବ । ସରକାରୀ କାର୍ଯ୍ୟରେ ସଫଳତା ମିଳିବ । ପରିବାରରେ ଆନନ୍ଦ ରହିବ । ଶତ୍ରୁଙ୍କଠାରୁ ସାବଧାନ ରୁହନ୍ତୁ ।
♒ କୁମ୍ଭ: ମନରେ ଉତ୍ସାହ ରହିବ । ନୂଆ କାର୍ଯ୍ୟ ଆରମ୍ଭ କରିବେ । ଜୀବନସାଥୀଙ୍କ ସହଯୋଗ ମିଳିବ । ଅର୍ଥ ଆଗମନ ହେବ । ସ୍ୱାସ୍ଥ୍ୟ ସାଧାରଣ ରହିବ ।
♓ ମୀନ: ପାରିବାରିକ ସମସ୍ୟା ସମାଧାନ ହେବ । କର୍ମରେ ସଫଳତା ମିଳିବ । ଉଚ୍ଚ ପଦସ୍ଥ ବ୍ୟକ୍ତିଙ୍କ ସହଯୋଗ ମିଳିବ । ଭ୍ରମଣ ଯୋଗ ଅଛି । ଖର୍ଚ୍ଚ ବୃଦ୍ଧି ପାଇପାରେ ।
ଧନୁ ୧୭ ଦିନ, ଇଂରାଜୀ ନୂତନ ବର୍ଷ ୨୦୧୦ ମସିହା ପ୍ରଥମ ଦିନ । ତିଥି: ପୂର୍ଣ୍ଣିମା । ନକ୍ଷତ୍ର: ଆର୍ଦ୍ରା । ଯୋଗ: ବ୍ରହ୍ମ । ଶୁଭ ସମୟ ସକାଳ ୬ଟା ୨୩ମିନିଟରୁ ୯ଟା ୪୫ମିନିଟ ଯାଏଁ ।
ଓପେପାର ଅଭିନବ ଯୋଜନା: ସ୍କୁଲକୁ ଜାଳେଣି ଗ୍ୟାସ୍ ସଂଯୋଗ
ଭୁବନେଶ୍ୱର,୩୧।୧୨(ବ୍ୟୁରୋ)-ମଧ୍ୟାହ୍ନ ଭୋଜନ ରାନ୍ଧିବା ପାଇଁ ରାଜ୍ୟର ସରକାରୀ ସ୍କୁଲଗୁଡ଼ିକରେ ଜାଳେଣି ଗ୍ୟାସ୍ ସଂଯୋଗ ଯୋଗାଇଦେବାକୁ ଓପେପା ଏକ ଅଭିନବ ଯୋଜନା ଆରମ୍ଭ କରିଛି । ପ୍ରଥମ ପର୍ଯ୍ୟାୟରେ କିଛି ଜିଲ୍ଲାରେ ଏହି ଯୋଜନା କାର୍ଯ୍ୟକାରୀ ହେବ । ଏହା ଦ୍ୱାରା ପରିବେଶ ପ୍ରଦୂଷଣ ହ୍ରାସ ପାଇବ ଏବଂ ଶିଶୁମାନଙ୍କ ସ୍ୱାସ୍ଥ୍ୟ ସୁରକ୍ଷିତ ରହିବ । କାଠ ବ୍ୟବହାର କମିବା ଦ୍ୱାରା ଜଙ୍ଗଲ ସୁରକ୍ଷା ହେବ । ଏଥିପାଇଁ ଆବଶ୍ୟକ ଅର୍ଥ ବରାଦ କରାଯାଇଛି ବୋଲି ଓପେପା ସୂତ୍ରରୁ ଜଣାପଡ଼ିଛି । ସ୍କୁଲ ପରିଚାଳନା କମିଟି ମାଧ୍ୟମରେ ଗ୍ୟାସ୍ ସିଲିଣ୍ଡର କ୍ରୟ କରାଯିବ । ଏହି ଯୋଜନାରେ ଗ୍ୟାସ୍ ସଂଯୋଗ ପାଇଁ ସ୍କୁଲଗୁଡ଼ିକୁ ଆବେଦନ କରିବାକୁ କୁହାଯାଇଛି ।
